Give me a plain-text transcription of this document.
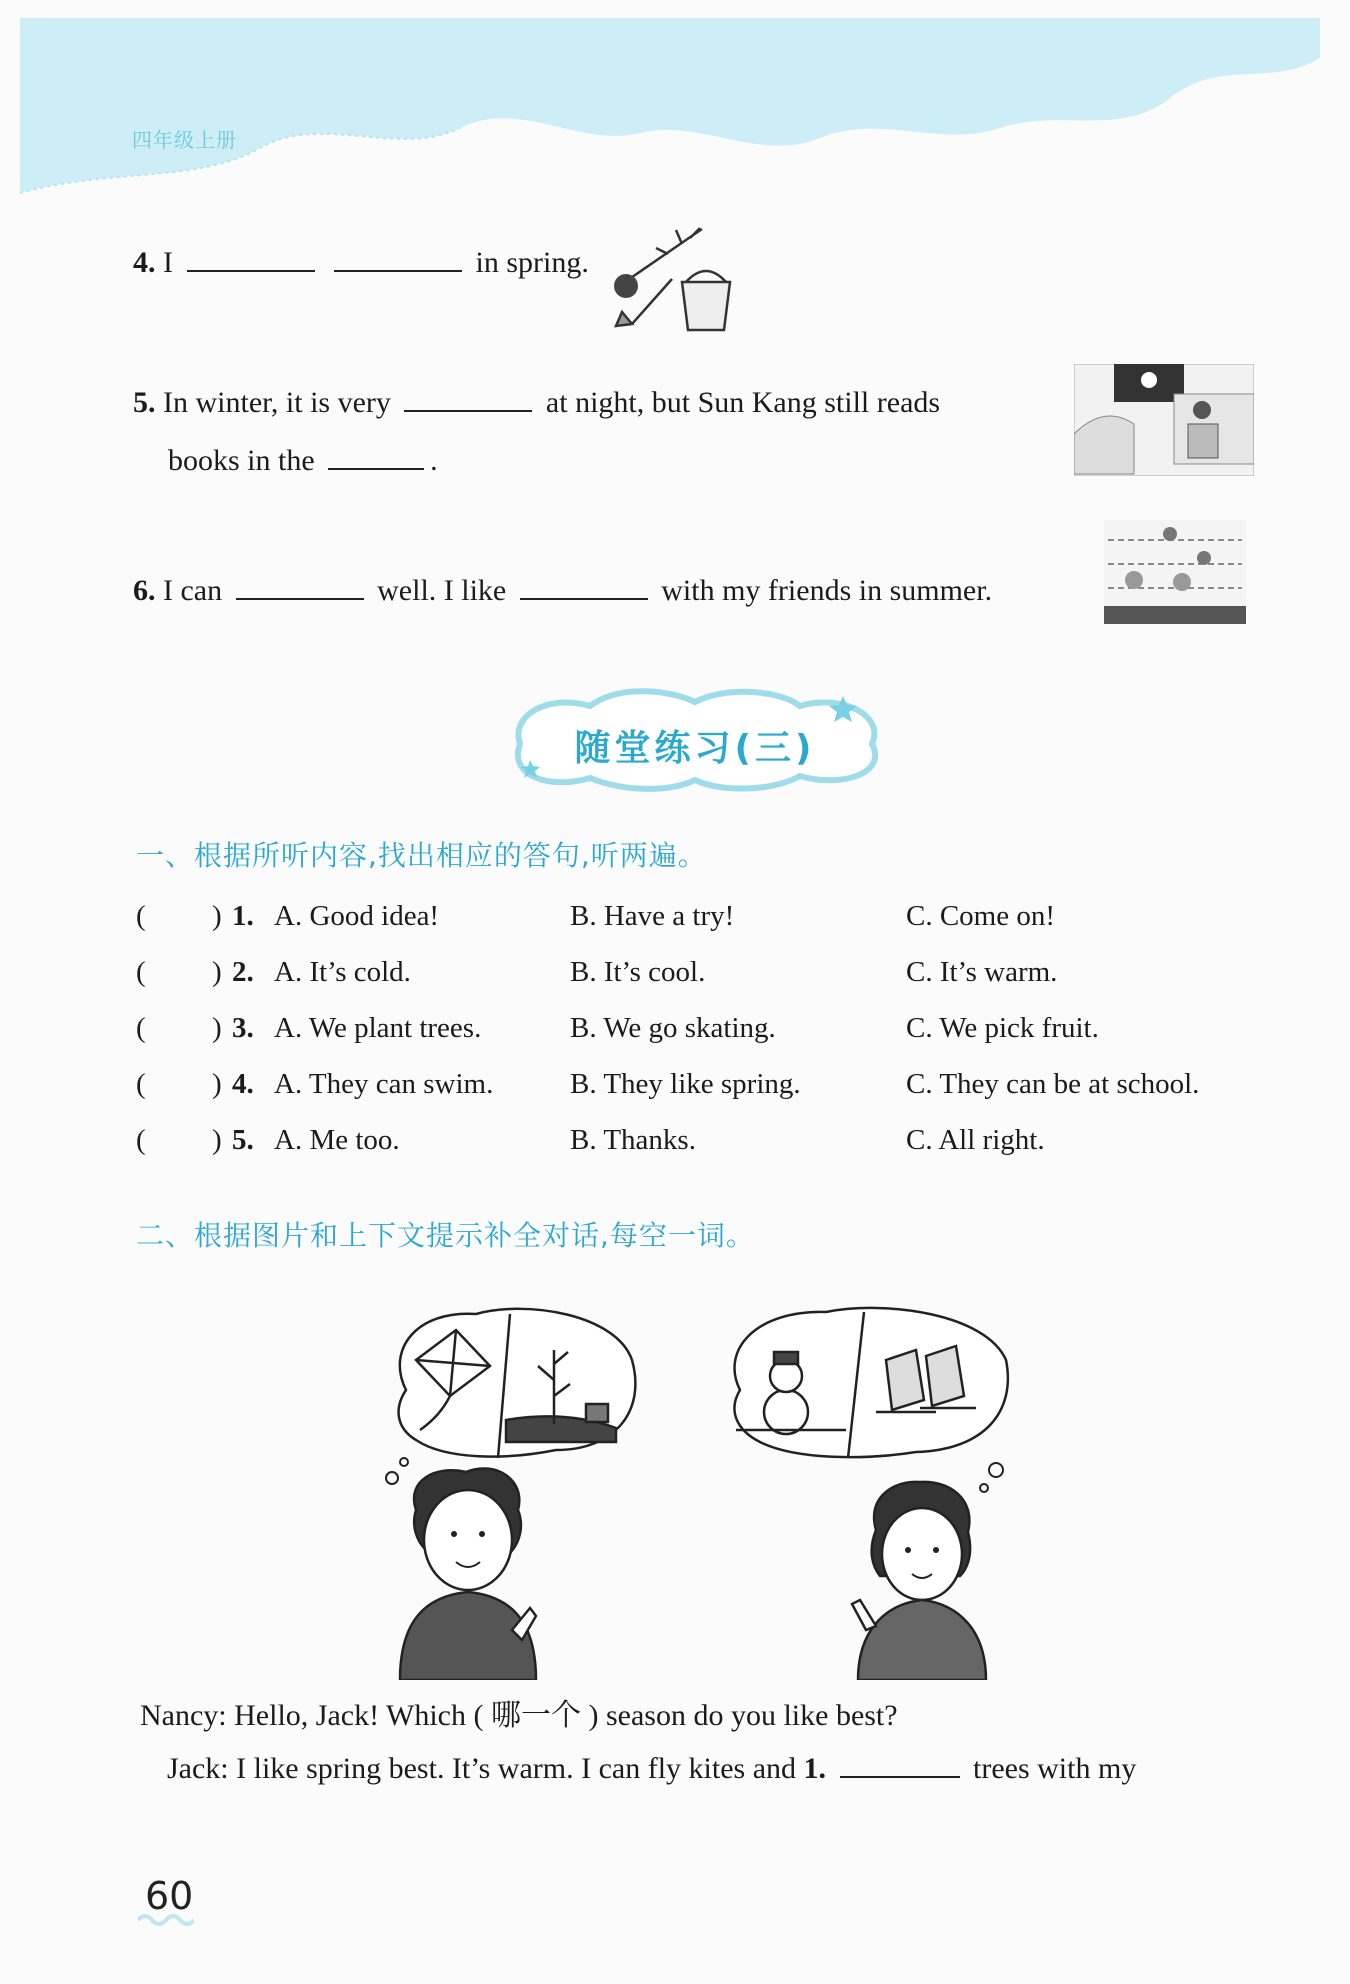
四年级上册
4. I	in spring.
5. In winter, it is very	at night, but Sun Kang still reads
books in the	.
6. I can	well. I like	with my friends in summer.
随堂练习(三)
一、根据所听内容,找出相应的答句,听两遍。
( ) 1. A. Good idea!	B. Have a try!	C. Come on!
( ) 2. A. It’s cold.	B. It’s cool.	C. It’s warm.
( ) 3. A. We plant trees.	B. We go skating.	C. We pick fruit.
( ) 4. A. They can swim.	B. They like spring.	C. They can be at school.
( ) 5. A. Me too.	B. Thanks.	C. All right.
二、根据图片和上下文提示补全对话,每空一词。
Nancy: Hello, Jack! Which ( 哪一个 ) season do you like best?
Jack: I like spring best. It’s warm. I can fly kites and 1.	trees with my
60
